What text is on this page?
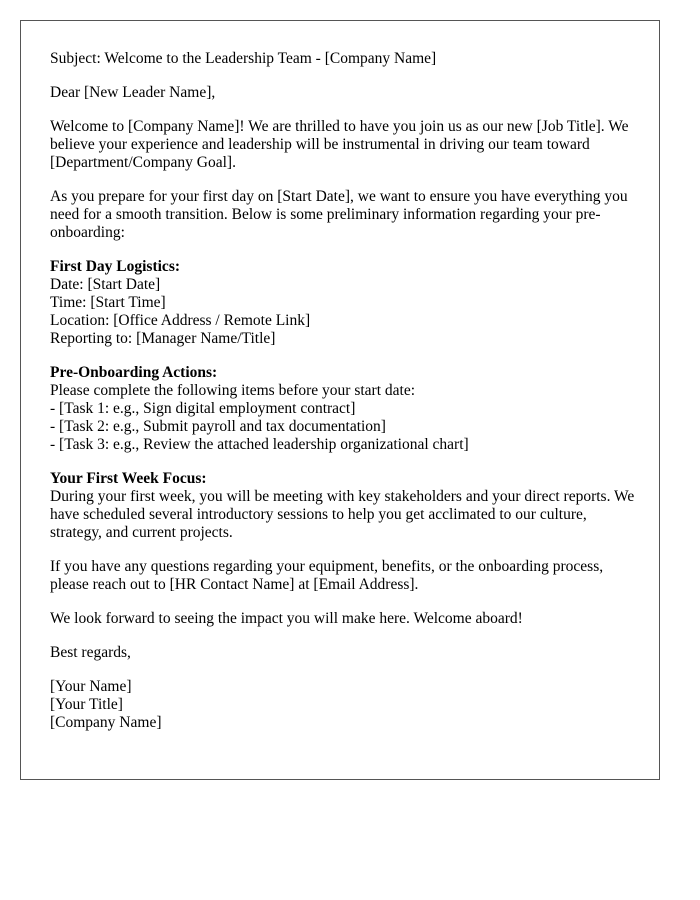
Subject: Welcome to the Leadership Team - [Company Name]

Dear [New Leader Name],

Welcome to [Company Name]! We are thrilled to have you join us as our new [Job Title]. We believe your experience and leadership will be instrumental in driving our team toward [Department/Company Goal].

As you prepare for your first day on [Start Date], we want to ensure you have everything you need for a smooth transition. Below is some preliminary information regarding your pre-onboarding:

First Day Logistics:
Date: [Start Date]
Time: [Start Time]
Location: [Office Address / Remote Link]
Reporting to: [Manager Name/Title]
Pre-Onboarding Actions:
Please complete the following items before your start date:
- [Task 1: e.g., Sign digital employment contract]
- [Task 2: e.g., Submit payroll and tax documentation]
- [Task 3: e.g., Review the attached leadership organizational chart]
Your First Week Focus:
During your first week, you will be meeting with key stakeholders and your direct reports. We have scheduled several introductory sessions to help you get acclimated to our culture, strategy, and current projects.

If you have any questions regarding your equipment, benefits, or the onboarding process, please reach out to [HR Contact Name] at [Email Address].

We look forward to seeing the impact you will make here. Welcome aboard!

Best regards,

[Your Name]
[Your Title]
[Company Name]
